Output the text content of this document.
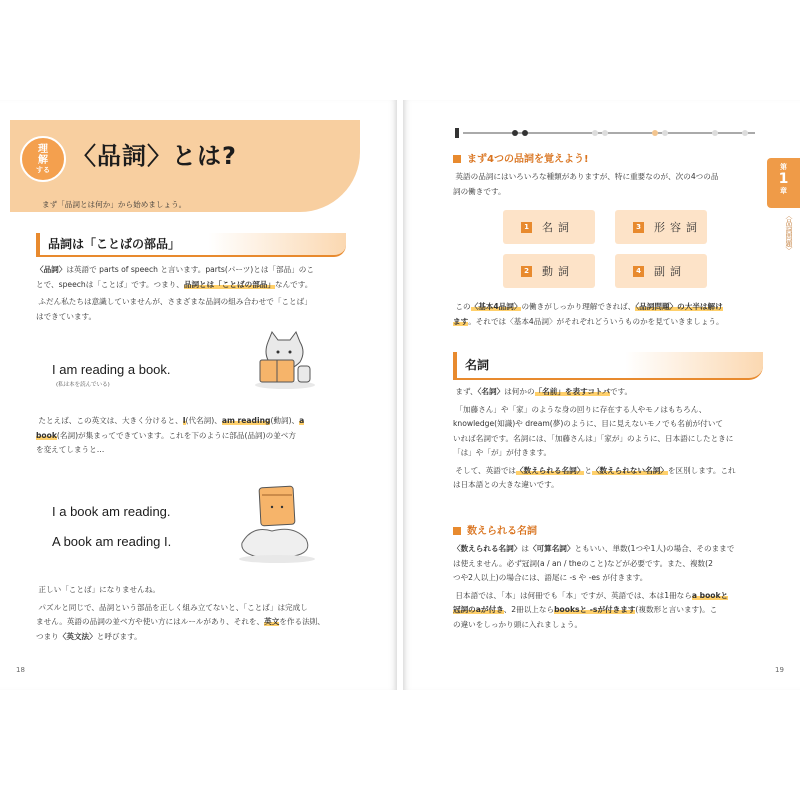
理
解
する 〈品詞〉とは?
まず「品詞とは何か」から始めましょう。
品詞は「ことばの部品」

〈品詞〉は英語で parts of speech と言います。parts(パーツ)とは「部品」のこ
とで、speechは「ことば」です。つまり、品詞とは「ことばの部品」なんです。

ふだん私たちは意識していませんが、さまざまな品詞の組み合わせで「ことば」
はできています。

I am reading a book.
(私は本を読んでいる)

たとえば、この英文は、大きく分けると、I(代名詞)、am reading(動詞)、a
book(名詞)が集まってできています。これを下のように部品(品詞)の並べ方
を変えてしまうと…

I a book am reading.
A book am reading I.

正しい「ことば」になりませんね。

パズルと同じで、品詞という部品を正しく組み立てないと、「ことば」は完成し
ません。英語の品詞の並べ方や使い方にはルールがあり、それを、英文を作る法則、
つまり〈英文法〉と呼びます。

18
第
1
章
〈品詞問題〉
まず4つの品詞を覚えよう!

英語の品詞にはいろいろな種類がありますが、特に重要なのが、次の4つの品
詞の働きです。

1 名詞	3 形容詞
2 動詞	4 副詞

この〈基本4品詞〉の働きがしっかり理解できれば、〈品詞問題〉の大半は解け
ます。それでは〈基本4品詞〉がそれぞれどういうものかを見ていきましょう。

名詞

まず、〈名詞〉は何かの「名前」を表すコトバです。

「加藤さん」や「家」のような身の回りに存在する人やモノはもちろん、
knowledge(知識)や dream(夢)のように、目に見えないモノでも名前が付いて
いれば名詞です。名詞には、「加藤さんは」「家が」のように、日本語にしたときに
「は」や「が」が付きます。

そして、英語では〈数えられる名詞〉と〈数えられない名詞〉を区別します。これ
は日本語との大きな違いです。

数えられる名詞

〈数えられる名詞〉は〈可算名詞〉ともいい、単数(1つや1人)の場合、そのままで
は使えません。必ず冠詞(a / an / theのこと)などが必要です。また、複数(2
つや2人以上)の場合には、語尾に -s や -es が付きます。

日本語では、「本」は何冊でも「本」ですが、英語では、本は1冊ならa bookと
冠詞のaが付き、2冊以上ならbooksと -sが付きます(複数形と言います)。こ
の違いをしっかり頭に入れましょう。

19
